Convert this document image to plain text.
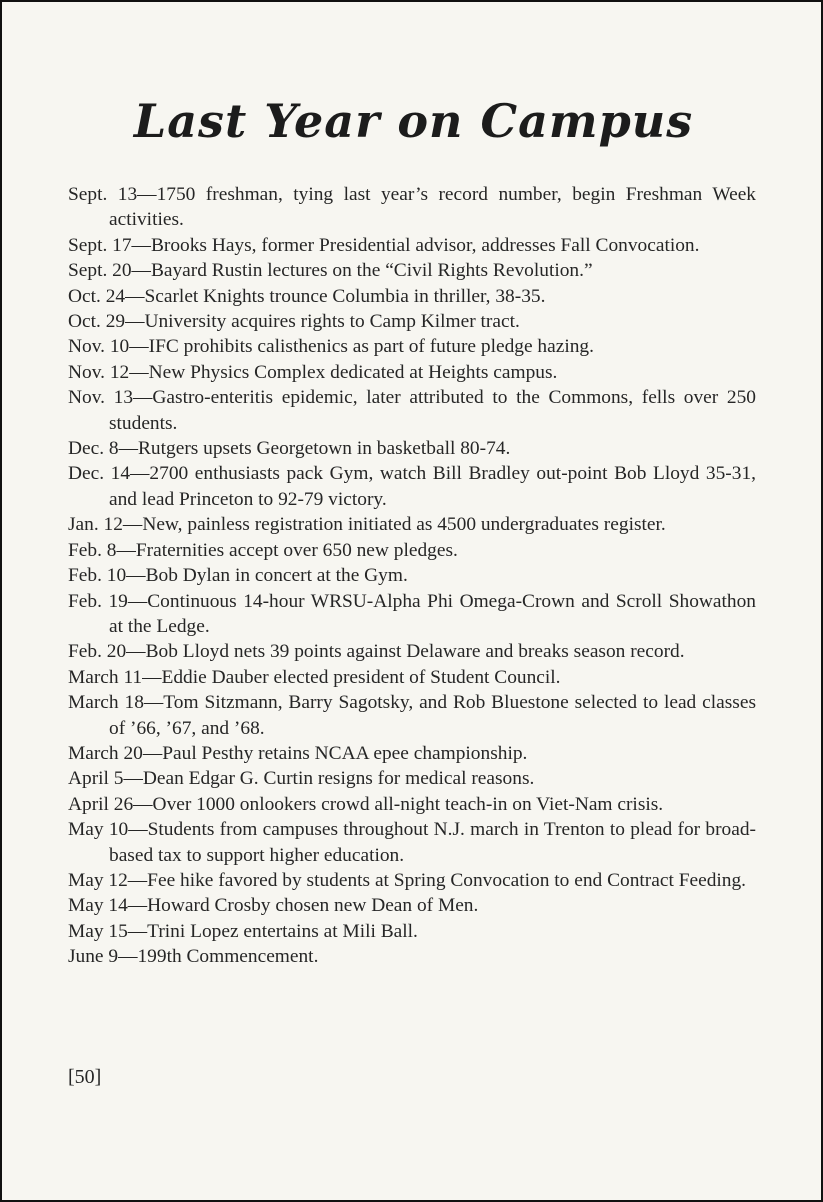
Last Year on Campus
Sept. 13—1750 freshman, tying last year’s record number, begin Freshman Week activities.
Sept. 17—Brooks Hays, former Presidential advisor, addresses Fall Convocation.
Sept. 20—Bayard Rustin lectures on the “Civil Rights Revolution.”
Oct. 24—Scarlet Knights trounce Columbia in thriller, 38-35.
Oct. 29—University acquires rights to Camp Kilmer tract.
Nov. 10—IFC prohibits calisthenics as part of future pledge hazing.
Nov. 12—New Physics Complex dedicated at Heights campus.
Nov. 13—Gastro-enteritis epidemic, later attributed to the Commons, fells over 250 students.
Dec. 8—Rutgers upsets Georgetown in basketball 80-74.
Dec. 14—2700 enthusiasts pack Gym, watch Bill Bradley out-point Bob Lloyd 35-31, and lead Princeton to 92-79 victory.
Jan. 12—New, painless registration initiated as 4500 undergraduates register.
Feb. 8—Fraternities accept over 650 new pledges.
Feb. 10—Bob Dylan in concert at the Gym.
Feb. 19—Continuous 14-hour WRSU-Alpha Phi Omega-Crown and Scroll Showathon at the Ledge.
Feb. 20—Bob Lloyd nets 39 points against Delaware and breaks season record.
March 11—Eddie Dauber elected president of Student Council.
March 18—Tom Sitzmann, Barry Sagotsky, and Rob Bluestone selected to lead classes of ’66, ’67, and ’68.
March 20—Paul Pesthy retains NCAA epee championship.
April 5—Dean Edgar G. Curtin resigns for medical reasons.
April 26—Over 1000 onlookers crowd all-night teach-in on Viet-Nam crisis.
May 10—Students from campuses throughout N.J. march in Trenton to plead for broad-based tax to support higher education.
May 12—Fee hike favored by students at Spring Convocation to end Contract Feeding.
May 14—Howard Crosby chosen new Dean of Men.
May 15—Trini Lopez entertains at Mili Ball.
June 9—199th Commencement.

[50]
